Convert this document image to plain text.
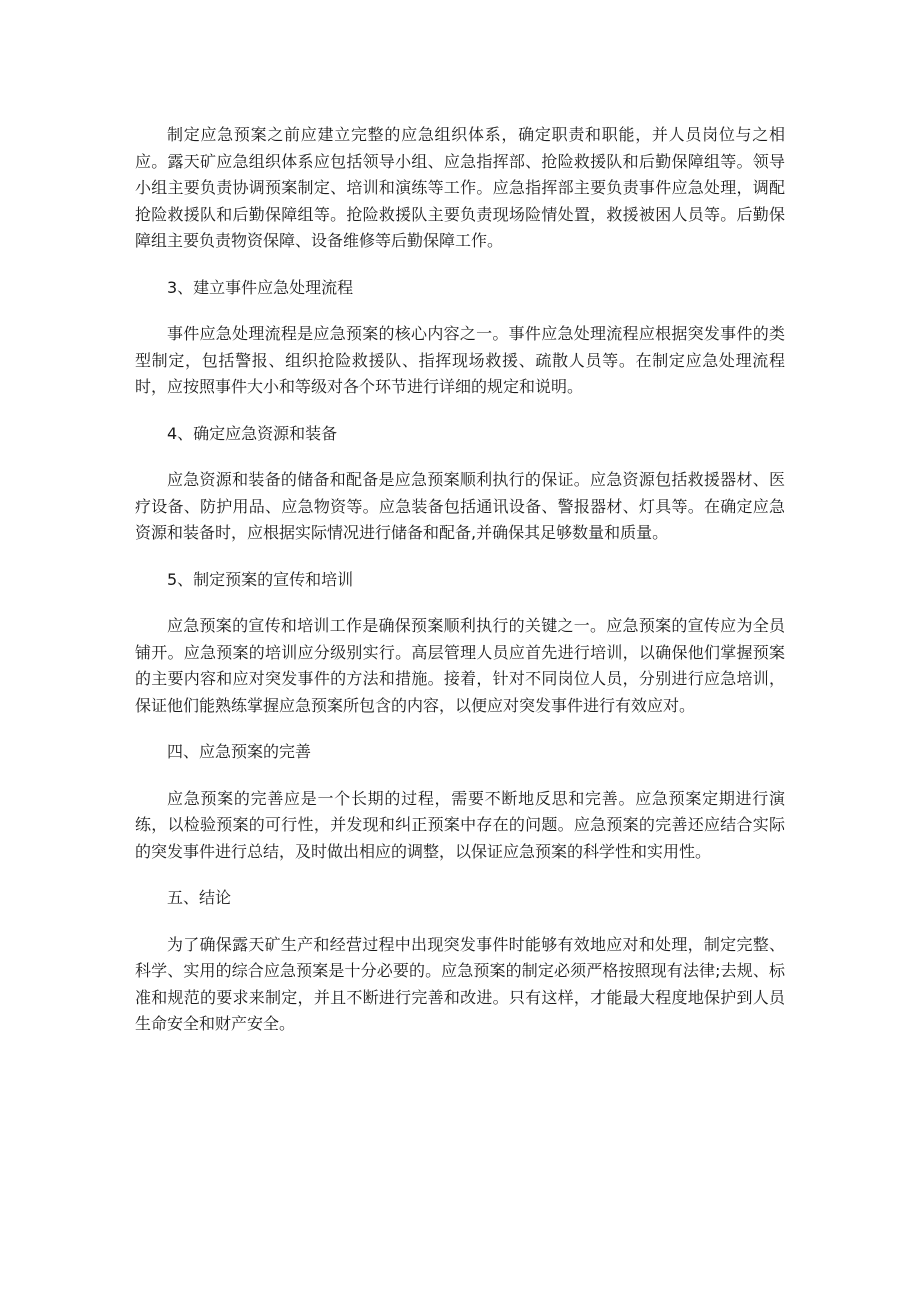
制定应急预案之前应建立完整的应急组织体系，确定职责和职能，并人员岗位与之相应。露天矿应急组织体系应包括领导小组、应急指挥部、抢险救援队和后勤保障组等。领导小组主要负责协调预案制定、培训和演练等工作。应急指挥部主要负责事件应急处理，调配抢险救援队和后勤保障组等。抢险救援队主要负责现场险情处置，救援被困人员等。后勤保障组主要负责物资保障、设备维修等后勤保障工作。

3、建立事件应急处理流程

事件应急处理流程是应急预案的核心内容之一。事件应急处理流程应根据突发事件的类型制定，包括警报、组织抢险救援队、指挥现场救援、疏散人员等。在制定应急处理流程时，应按照事件大小和等级对各个环节进行详细的规定和说明。

4、确定应急资源和装备

应急资源和装备的储备和配备是应急预案顺利执行的保证。应急资源包括救援器材、医疗设备、防护用品、应急物资等。应急装备包括通讯设备、警报器材、灯具等。在确定应急资源和装备时，应根据实际情况进行储备和配备,并确保其足够数量和质量。

5、制定预案的宣传和培训

应急预案的宣传和培训工作是确保预案顺利执行的关键之一。应急预案的宣传应为全员铺开。应急预案的培训应分级别实行。高层管理人员应首先进行培训，以确保他们掌握预案的主要内容和应对突发事件的方法和措施。接着，针对不同岗位人员，分别进行应急培训，保证他们能熟练掌握应急预案所包含的内容，以便应对突发事件进行有效应对。

四、应急预案的完善

应急预案的完善应是一个长期的过程，需要不断地反思和完善。应急预案定期进行演练，以检验预案的可行性，并发现和纠正预案中存在的问题。应急预案的完善还应结合实际的突发事件进行总结，及时做出相应的调整，以保证应急预案的科学性和实用性。

五、结论

为了确保露天矿生产和经营过程中出现突发事件时能够有效地应对和处理，制定完整、科学、实用的综合应急预案是十分必要的。应急预案的制定必须严格按照现有法律;去规、标准和规范的要求来制定，并且不断进行完善和改进。只有这样，才能最大程度地保护到人员生命安全和财产安全。
